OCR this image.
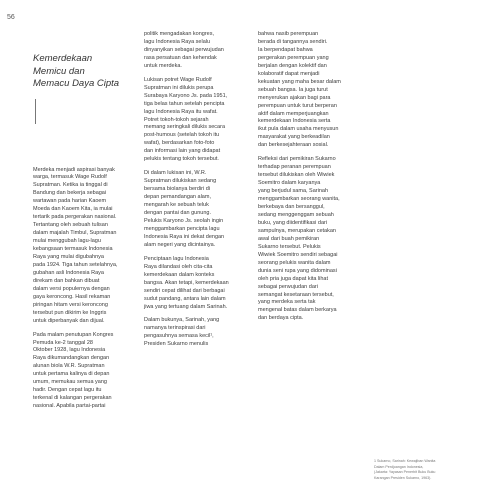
56
Kemerdekaan
Memicu dan
Memacu Daya Cipta

Merdeka menjadi aspirasi banyak
warga, termasuk Wage Rudolf
Supratman. Ketika ia tinggal di
Bandung dan bekerja sebagai
wartawan pada harian Kaoem
Moeda dan Kaoem Kita, ia mulai
tertarik pada pergerakan nasional.
Tertantang oleh sebuah tulisan
dalam majalah Timbul, Supratman
mulai menggubah lagu-lagu
kebangsaan termasuk Indonesia
Raya yang mulai digubahnya
pada 1924. Tiga tahun setelahnya,
gubahan asli Indonesia Raya
direkam dan bahkan dibuat
dalam versi populernya dengan
gaya keroncong. Hasil rekaman
piringan hitam versi keroncong
tersebut pun dikirim ke Inggris
untuk diperbanyak dan dijual.

Pada malam penutupan Kongres
Pemuda ke-2 tanggal 28
Oktober 1928, lagu Indonesia
Raya dikumandangkan dengan
alunan biola W.R. Supratman
untuk pertama kalinya di depan
umum, memukau semua yang
hadir. Dengan cepat lagu itu
terkenal di kalangan pergerakan
nasional. Apabila partai-partai

politik mengadakan kongres,
lagu Indonesia Raya selalu
dinyanyikan sebagai perwujudan
rasa persatuan dan kehendak
untuk merdeka.

Lukisan potret Wage Rudolf
Supratman ini dilukis perupa
Surabaya Karyono Js. pada 1951,
tiga belas tahun setelah pencipta
lagu Indonesia Raya itu wafat.
Potret tokoh-tokoh sejarah
memang seringkali dilukis secara
post-humous (setelah tokoh itu
wafat), berdasarkan foto-foto
dan informasi lain yang didapat
pelukis tentang tokoh tersebut.

Di dalam lukisan ini, W.R.
Supratman dilukiskan sedang
bersama biolanya berdiri di
depan pemandangan alam,
mengarah ke sebuah teluk
dengan pantai dan gunung.
Pelukis Karyono Js. seolah ingin
menggambarkan pencipta lagu
Indonesia Raya ini dekat dengan
alam negeri yang dicintainya.

Penciptaan lagu Indonesia
Raya dilandasi oleh cita-cita
kemerdekaan dalam konteks
bangsa. Akan tetapi, kemerdekaan
sendiri cepat dilihat dari berbagai
sudut pandang, antara lain dalam
jiwa yang tertuang dalam Sarinah.

Dalam bukunya, Sarinah, yang
namanya terinspirasi dari
pengasuhnya semasa kecil¹,
Presiden Sukarno menulis

bahwa nasib perempuan
berada di tangannya sendiri.
Ia berpendapat bahwa
pergerakan perempuan yang
berjalan dengan kolektif dan
kolaboratif dapat menjadi
kekuatan yang maha besar dalam
sebuah bangsa. Ia juga turut
menyerukan ajakan bagi para
perempuan untuk turut berperan
aktif dalam memperjuangkan
kemerdekaan Indonesia serta
ikut pula dalam usaha menyusun
masyarakat yang berkeadilan
dan berkesejahteraan sosial.

Refleksi dari pemikiran Sukarno
terhadap peranan perempuan
tersebut dilukiskan oleh Wiwiek
Soemitro dalam karyanya
yang berjudul sama, Sarinah
menggambarkan seorang wanita,
berkebaya dan bersanggul,
sedang menggenggam sebuah
buku, yang diidentifikasi dari
sampulnya, merupakan cetakan
awal dari buah pemikiran
Sukarno tersebut. Pelukis
Wiwiek Soemitro sendiri sebagai
seorang pelukis wanita dalam
dunia seni rupa yang didominasi
oleh pria juga dapat kita lihat
sebagai perwujudan dari
semangat kesetaraan tersebut,
yang merdeka serta tak
mengenal batas dalam berkarya
dan berdaya cipta.

1 Sukarno, Sarinah: Kewajiban Wanita
Dalam Perdjoangan Indonesia,
(Jakarta: Yayasan Penerbit Buku Buku
Karangan Presiden Sukarno, 1963).
